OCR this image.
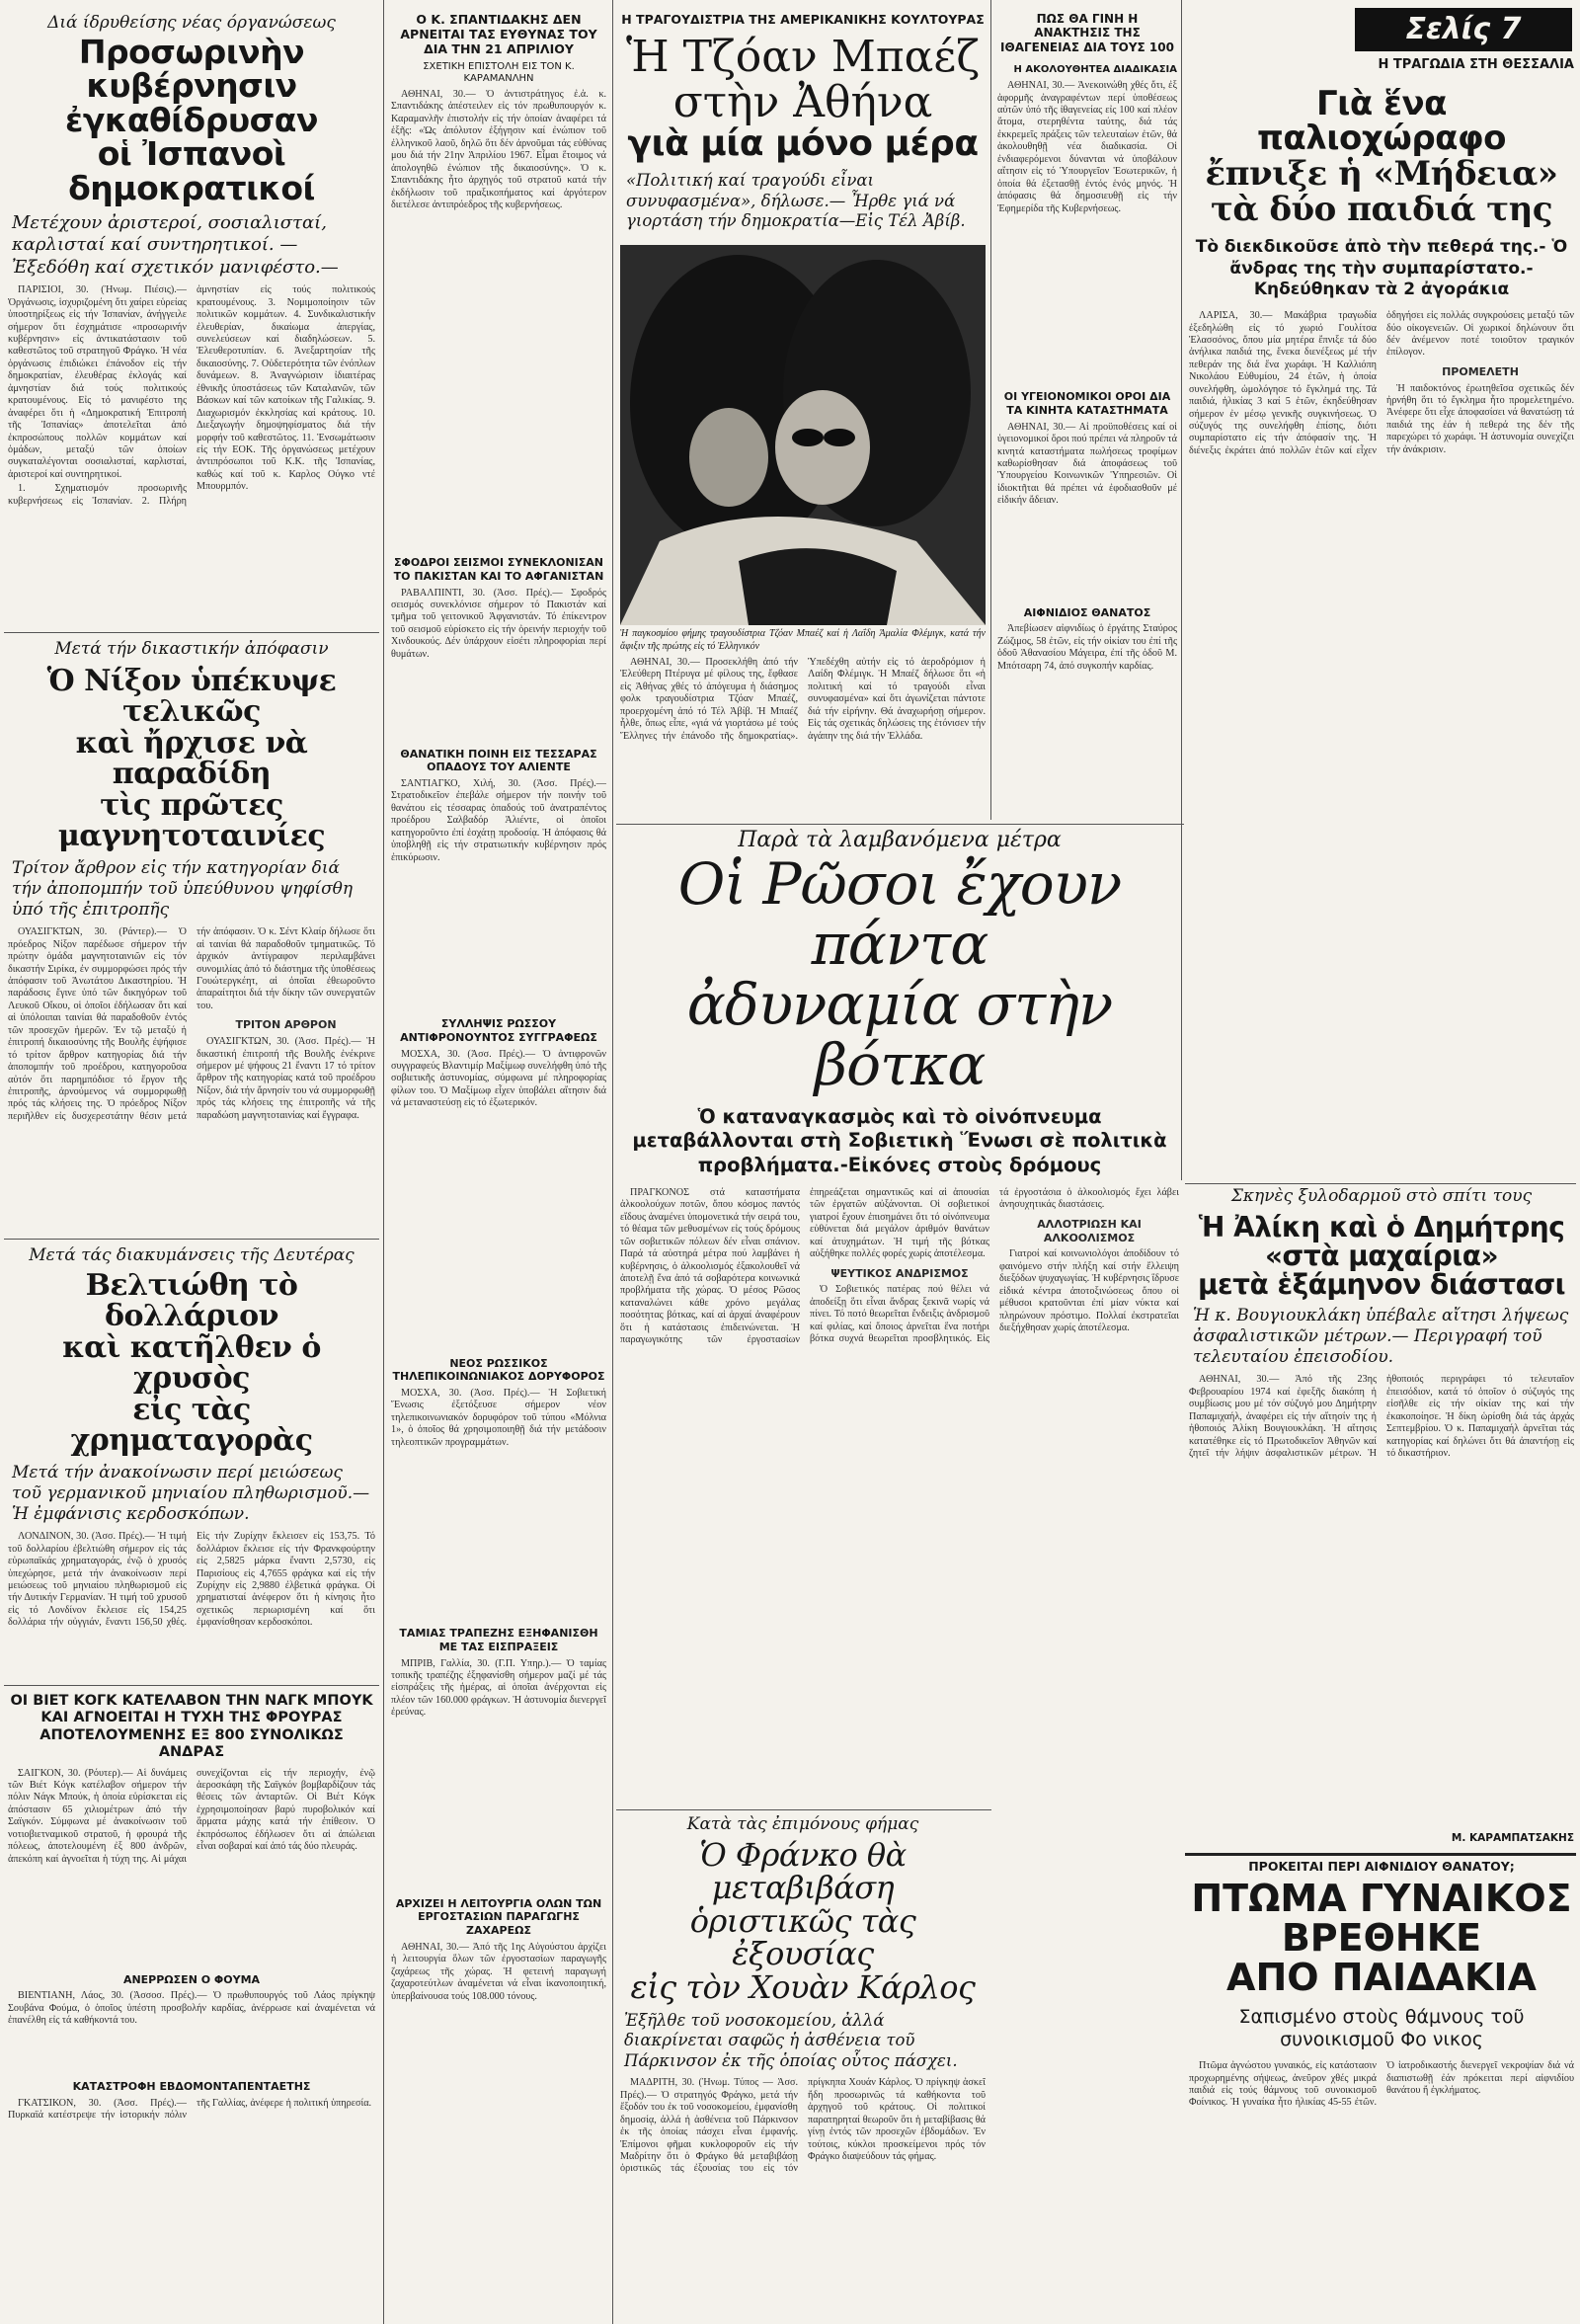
Διά ίδρυθείσης νέας όργανώσεως
Προσωρινὴν κυβέρνησιν
ἐγκαθίδρυσαν
οἱ Ἰσπανοὶ δημοκρατικοί
Μετέχουν ἀριστεροί, σοσιαλισταί, καρλισταί καί συντηρητικοί. — Ἐξεδόθη καί σχετικόν μανιφέστο.—

ΠΑΡΙΣΙΟΙ, 30. (Ἠνωμ. Πιέσις).— Ὀργάνωσις, ἱσχυριζομένη ὅτι χαίρει εὑρείας ὑποστηρίξεως εἰς τήν Ἰσπανίαν, ἀνήγγειλε σήμερον ὅτι ἐσχημάτισε «προσωρινήν κυβέρνησιν» εἰς ἀντικατάστασιν τοῦ καθεστῶτος τοῦ στρατηγοῦ Φράγκο. Ἡ νέα ὀργάνωσις ἐπιδιώκει ἐπάνοδον εἰς τήν δημοκρατίαν, ἐλευθέρας ἐκλογάς καί ἀμνηστίαν διά τούς πολιτικούς κρατουμένους. Εἰς τό μανιφέστο της ἀναφέρει ὅτι ἡ «Δημοκρατική Ἐπιτροπή τῆς Ἰσπανίας» ἀποτελεῖται ἀπό ἐκπροσώπους πολλῶν κομμάτων καί ὁμάδων, μεταξύ τῶν ὁποίων συγκαταλέγονται σοσιαλισταί, καρλισταί, ἀριστεροί καί συντηρητικοί.

1. Σχηματισμόν προσωρινῆς κυβερνήσεως εἰς Ἰσπανίαν. 2. Πλήρη ἀμνηστίαν εἰς τούς πολιτικούς κρατουμένους. 3. Νομιμοποίησιν τῶν πολιτικῶν κομμάτων. 4. Συνδικαλιστικήν ἐλευθερίαν, δικαίωμα ἀπεργίας, συνελεύσεων καί διαδηλώσεων. 5. Ἐλευθεροτυπίαν. 6. Ἀνεξαρτησίαν τῆς δικαιοσύνης. 7. Οὐδετερότητα τῶν ἐνόπλων δυνάμεων. 8. Ἀναγνώρισιν ἰδιαιτέρας ἐθνικῆς ὑποστάσεως τῶν Καταλανῶν, τῶν Βάσκων καί τῶν κατοίκων τῆς Γαλικίας. 9. Διαχωρισμόν ἐκκλησίας καί κράτους. 10. Διεξαγωγήν δημοψηφίσματος διά τήν μορφήν τοῦ καθεστῶτος. 11. Ἐνσωμάτωσιν εἰς τήν ΕΟΚ. Τῆς ὀργανώσεως μετέχουν ἀντιπρόσωποι τοῦ Κ.Κ. τῆς Ἰσπανίας, καθώς καί τοῦ κ. Καρλος Ούγκο ντέ Μπουρμπόν.

Μετά τήν δικαστικήν ἀπόφασιν
Ὁ Νίξον ὑπέκυψε τελικῶς
καὶ ἤρχισε νὰ παραδίδη
τὶς πρῶτες μαγνητοταινίες
Τρίτον ἄρθρον εἰς τήν κατηγορίαν διά τήν ἀποπομπήν τοῦ ὑπεύθυνου ψηφίσθη ὑπό τῆς ἐπιτροπῆς

ΟΥΑΣΙΓΚΤΩΝ, 30. (Ράντερ).— Ὁ πρόεδρος Νίξον παρέδωσε σήμερον τήν πρώτην ὁμάδα μαγνητοταινιῶν εἰς τόν δικαστήν Σιρίκα, ἐν συμμορφώσει πρός τήν ἀπόφασιν τοῦ Ἀνωτάτου Δικαστηρίου. Ἡ παράδοσις ἔγινε ὑπό τῶν δικηγόρων τοῦ Λευκοῦ Οἴκου, οἱ ὁποῖοι ἐδήλωσαν ὅτι καί αἱ ὑπόλοιπαι ταινίαι θά παραδοθοῦν ἐντός τῶν προσεχῶν ἡμερῶν. Ἐν τῷ μεταξύ ἡ ἐπιτροπή δικαιοσύνης τῆς Βουλῆς ἐψήφισε τό τρίτον ἄρθρον κατηγορίας διά τήν ἀποπομπήν τοῦ προέδρου, κατηγοροῦσα αὐτόν ὅτι παρημπόδισε τό ἔργον τῆς ἐπιτροπῆς, ἀρνούμενος νά συμμορφωθῇ πρός τάς κλήσεις της. Ὁ πρόεδρος Νίξον περιῆλθεν εἰς δυσχερεστάτην θέσιν μετά τήν ἀπόφασιν. Ὁ κ. Σέντ Κλαίρ δήλωσε ὅτι αἱ ταινίαι θά παραδοθοῦν τμηματικῶς. Τό ἀρχικόν ἀντίγραφον περιλαμβάνει συνομιλίας ἀπό τό διάστημα τῆς ὑποθέσεως Γουώτεργκέητ, αἱ ὁποῖαι ἐθεωροῦντο ἀπαραίτητοι διά τήν δίκην τῶν συνεργατῶν του.

ΤΡΙΤΟΝ ΑΡΘΡΟΝ

ΟΥΑΣΙΓΚΤΩΝ, 30. (Ἀσσ. Πρές).— Ἡ δικαστική ἐπιτροπή τῆς Βουλῆς ἐνέκρινε σήμερον μέ ψήφους 21 ἔναντι 17 τό τρίτον ἄρθρον τῆς κατηγορίας κατά τοῦ προέδρου Νίξον, διά τήν ἄρνησίν του νά συμμορφωθῇ πρός τάς κλήσεις της ἐπιτροπῆς νά τῆς παραδώση μαγνητοταινίας καί ἔγγραφα.

Μετά τάς διακυμάνσεις τῆς Δευτέρας
Βελτιώθη τὸ δολλάριον
καὶ κατῆλθεν ὁ χρυσὸς
εἰς τὰς χρηματαγορὰς
Μετά τήν ἀνακοίνωσιν περί μειώσεως τοῦ γερμανικοῦ μηνιαίου πληθωρισμοῦ.— Ἡ ἐμφάνισις κερδοσκόπων.

ΛΟΝΔΙΝΟΝ, 30. (Ἀσσ. Πρές).— Ἡ τιμή τοῦ δολλαρίου ἐβελτιώθη σήμερον εἰς τάς εὐρωπαϊκάς χρηματαγοράς, ἐνῷ ὁ χρυσός ὑπεχώρησε, μετά τήν ἀνακοίνωσιν περί μειώσεως τοῦ μηνιαίου πληθωρισμοῦ εἰς τήν Δυτικήν Γερμανίαν. Ἡ τιμή τοῦ χρυσοῦ εἰς τό Λονδίνον ἔκλεισε εἰς 154,25 δολλάρια τήν οὐγγιάν, ἔναντι 156,50 χθές. Εἰς τήν Ζυρίχην ἔκλεισεν εἰς 153,75. Τό δολλάριον ἔκλεισε εἰς τήν Φρανκφούρτην εἰς 2,5825 μάρκα ἔναντι 2,5730, εἰς Παρισίους εἰς 4,7655 φράγκα καί εἰς τήν Ζυρίχην εἰς 2,9880 ἐλβετικά φράγκα. Οἱ χρηματισταί ἀνέφερον ὅτι ἡ κίνησις ἦτο σχετικῶς περιωρισμένη καί ὅτι ἐμφανίσθησαν κερδοσκόποι.

ΟΙ ΒΙΕΤ ΚΟΓΚ ΚΑΤΕΛΑΒΟΝ ΤΗΝ ΝΑΓΚ ΜΠΟΥΚ
ΚΑΙ ΑΓΝΟΕΙΤΑΙ Η ΤΥΧΗ ΤΗΣ ΦΡΟΥΡΑΣ
ΑΠΟΤΕΛΟΥΜΕΝΗΣ ΕΞ 800 ΣΥΝΟΛΙΚΩΣ ΑΝΔΡΑΣ

ΣΑΙΓΚΟΝ, 30. (Ρόυτερ).— Αἱ δυνάμεις τῶν Βιέτ Κόγκ κατέλαβον σήμερον τήν πόλιν Νάγκ Μπούκ, ἡ ὁποία εὑρίσκεται εἰς ἀπόστασιν 65 χιλιομέτρων ἀπό τήν Σαϊγκόν. Σύμφωνα μέ ἀνακοίνωσιν τοῦ νοτιοβιετναμικοῦ στρατοῦ, ἡ φρουρά τῆς πόλεως, ἀποτελουμένη ἐξ 800 ἀνδρῶν, ἀπεκόπη καί ἀγνοεῖται ἡ τύχη της. Αἱ μάχαι συνεχίζονται εἰς τήν περιοχήν, ἐνῷ ἀεροσκάφη τῆς Σαϊγκόν βομβαρδίζουν τάς θέσεις τῶν ἀνταρτῶν. Οἱ Βιέτ Κόγκ ἐχρησιμοποίησαν βαρύ πυροβολικόν καί ἅρματα μάχης κατά τήν ἐπίθεσιν. Ὁ ἐκπρόσωπος ἐδήλωσεν ὅτι αἱ ἀπώλειαι εἶναι σοβαραί καί ἀπό τάς δύο πλευράς.

ΑΝΕΡΡΩΣΕΝ Ο ΦΟΥΜΑ

ΒΙΕΝΤΙΑΝΗ, Λάος, 30. (Ἀσσοσ. Πρές).— Ὁ πρωθυπουργός τοῦ Λάος πρίγκηψ Σουβάνα Φούμα, ὁ ὁποῖος ὑπέστη προσβολήν καρδίας, ἀνέρρωσε καί ἀναμένεται νά ἐπανέλθη εἰς τά καθήκοντά του.

ΚΑΤΑΣΤΡΟΦΗ ΕΒΔΟΜΟΝΤΑΠΕΝΤΑΕΤΗΣ

ΓΚΑΤΣΙΚΟΝ, 30. (Ἀσσ. Πρές).— Πυρκαϊά κατέστρεψε τήν ἱστορικήν πόλιν τῆς Γαλλίας, ἀνέφερε ἡ πολιτική ὑπηρεσία.

Ο Κ. ΣΠΑΝΤΙΔΑΚΗΣ ΔΕΝ ΑΡΝΕΙΤΑΙ ΤΑΣ ΕΥΘΥΝΑΣ ΤΟΥ ΔΙΑ ΤΗΝ 21 ΑΠΡΙΛΙΟΥ
ΣΧΕΤΙΚΗ ΕΠΙΣΤΟΛΗ ΕΙΣ ΤΟΝ Κ. ΚΑΡΑΜΑΝΛΗΝ

ΑΘΗΝΑΙ, 30.— Ὁ ἀντιστράτηγος ἐ.ἀ. κ. Σπαντιδάκης ἀπέστειλεν εἰς τόν πρωθυπουργόν κ. Καραμανλῆν ἐπιστολήν εἰς τήν ὁποίαν ἀναφέρει τά ἑξῆς: «Ὡς ἀπόλυτον ἐξήγησιν καί ἐνώπιον τοῦ ἐλληνικοῦ λαοῦ, δηλῶ ὅτι δέν ἀρνοῦμαι τάς εὐθύνας μου διά τήν 21ην Ἀπριλίου 1967. Εἶμαι ἕτοιμος νά ἀπολογηθῶ ἐνώπιον τῆς δικαιοσύνης». Ὁ κ. Σπαντιδάκης ἦτο ἀρχηγός τοῦ στρατοῦ κατά τήν ἐκδήλωσιν τοῦ πραξικοπήματος καί ἀργότερον διετέλεσε ἀντιπρόεδρος τῆς κυβερνήσεως.

ΣΦΟΔΡΟΙ ΣΕΙΣΜΟΙ ΣΥΝΕΚΛΟΝΙΣΑΝ ΤΟ ΠΑΚΙΣΤΑΝ ΚΑΙ ΤΟ ΑΦΓΑΝΙΣΤΑΝ

ΡΑΒΑΛΠΙΝΤΙ, 30. (Ἀσσ. Πρές).— Σφοδρός σεισμός συνεκλόνισε σήμερον τό Πακιστάν καί τμῆμα τοῦ γειτονικοῦ Ἀφγανιστάν. Τό ἐπίκεντρον τοῦ σεισμοῦ εὑρίσκετο εἰς τήν ὀρεινήν περιοχήν τοῦ Χινδουκούς. Δέν ὑπάρχουν εἰσέτι πληροφορίαι περί θυμάτων.

ΘΑΝΑΤΙΚΗ ΠΟΙΝΗ ΕΙΣ ΤΕΣΣΑΡΑΣ ΟΠΑΔΟΥΣ ΤΟΥ ΑΛΙΕΝΤΕ

ΣΑΝΤΙΑΓΚΟ, Χιλή, 30. (Ἀσσ. Πρές).— Στρατοδικεῖον ἐπεβάλε σήμερον τήν ποινήν τοῦ θανάτου εἰς τέσσαρας ὀπαδούς τοῦ ἀνατραπέντος προέδρου Σαλβαδόρ Ἀλιέντε, οἱ ὁποῖοι κατηγοροῦντο ἐπί ἐσχάτῃ προδοσίᾳ. Ἡ ἀπόφασις θά ὑποβληθῇ εἰς τήν στρατιωτικήν κυβέρνησιν πρός ἐπικύρωσιν.

ΣΥΛΛΗΨΙΣ ΡΩΣΣΟΥ ΑΝΤΙΦΡΟΝΟΥΝΤΟΣ ΣΥΓΓΡΑΦΕΩΣ

ΜΟΣΧΑ, 30. (Ἀσσ. Πρές).— Ὁ ἀντιφρονῶν συγγραφεύς Βλαντιμίρ Μαξίμωφ συνελήφθη ὑπό τῆς σοβιετικῆς ἀστυνομίας, σύμφωνα μέ πληροφορίας φίλων του. Ὁ Μαξίμωφ εἶχεν ὑποβάλει αἴτησιν διά νά μεταναστεύσῃ εἰς τό ἐξωτερικόν.

ΝΕΟΣ ΡΩΣΣΙΚΟΣ ΤΗΛΕΠΙΚΟΙΝΩΝΙΑΚΟΣ ΔΟΡΥΦΟΡΟΣ

ΜΟΣΧΑ, 30. (Ἀσσ. Πρές).— Ἡ Σοβιετική Ἕνωσις ἐξετόξευσε σήμερον νέον τηλεπικοινωνιακόν δορυφόρον τοῦ τύπου «Μόλνια 1», ὁ ὁποῖος θά χρησιμοποιηθῇ διά τήν μετάδοσιν τηλεοπτικῶν προγραμμάτων.

ΤΑΜΙΑΣ ΤΡΑΠΕΖΗΣ ΕΞΗΦΑΝΙΣΘΗ ΜΕ ΤΑΣ ΕΙΣΠΡΑΞΕΙΣ

ΜΠΡΙΒ, Γαλλία, 30. (Γ.Π. Υπηρ.).— Ὁ ταμίας τοπικῆς τραπέζης ἐξηφανίσθη σήμερον μαζί μέ τάς εἰσπράξεις τῆς ἡμέρας, αἱ ὁποῖαι ἀνέρχονται εἰς πλέον τῶν 160.000 φράγκων. Ἡ ἀστυνομία διενεργεῖ ἐρεύνας.

ΑΡΧΙΖΕΙ Η ΛΕΙΤΟΥΡΓΙΑ ΟΛΩΝ ΤΩΝ ΕΡΓΟΣΤΑΣΙΩΝ ΠΑΡΑΓΩΓΗΣ ΖΑΧΑΡΕΩΣ

ΑΘΗΝΑΙ, 30.— Ἀπό τῆς 1ης Αὐγούστου ἀρχίζει ἡ λειτουργία ὅλων τῶν ἐργοστασίων παραγωγῆς ζαχάρεως τῆς χώρας. Ἡ φετεινή παραγωγή ζαχαροτεύτλων ἀναμένεται νά εἶναι ἱκανοποιητική, ὑπερβαίνουσα τούς 108.000 τόνους.

Η ΤΡΑΓΟΥΔΙΣΤΡΙΑ ΤΗΣ ΑΜΕΡΙΚΑΝΙΚΗΣ ΚΟΥΛΤΟΥΡΑΣ
Ἡ Τζόαν Μπαέζ
στὴν Ἀθήνα
γιὰ μία μόνο μέρα
«Πολιτική καί τραγούδι εἶναι συνυφασμένα», δήλωσε.— Ἦρθε γιά νά γιορτάση τήν δημοκρατία—Εἰς Τέλ Ἀβίβ.
Ἡ παγκοσμίου φήμης τραγουδίστρια Τζόαν Μπαέζ καί ἡ Λαΐδη Ἀμαλία Φλέμιγκ, κατά τήν ἄφιξιν τῆς πρώτης εἰς τό Ἑλληνικόν

ΑΘΗΝΑΙ, 30.— Προσεκλήθη ἀπό τήν Ἐλεύθερη Πτέρυγα μέ φίλους της, ἔφθασε εἰς Ἀθήνας χθές τό ἀπόγευμα ἡ διάσημος φολκ τραγουδίστρια Τζόαν Μπαέζ, προερχομένη ἀπό τό Τέλ Ἀβίβ. Ἡ Μπαέζ ἦλθε, ὅπως εἶπε, «γιά νά γιορτάσω μέ τούς Ἕλληνες τήν ἐπάνοδο τῆς δημοκρατίας». Ὑπεδέχθη αὐτήν εἰς τό ἀεροδρόμιον ἡ Λαίδη Φλέμιγκ. Ἡ Μπαέζ δήλωσε ὅτι «ἡ πολιτική καί τό τραγούδι εἶναι συνυφασμένα» καί ὅτι ἀγωνίζεται πάντοτε διά τήν εἰρήνην. Θά ἀναχωρήσῃ σήμερον. Εἰς τάς σχετικάς δηλώσεις της ἐτόνισεν τήν ἀγάπην της διά τήν Ἑλλάδα.

Παρὰ τὰ λαμβανόμενα μέτρα
Οἱ Ρῶσοι ἔχουν πάντα
ἀδυναμία στὴν βότκα
Ὁ καταναγκασμὸς καὶ τὸ οἰνόπνευμα μεταβάλλονται στὴ Σοβιετικὴ Ἕνωσι σὲ πολιτικὰ προβλήματα.-Εἰκόνες στοὺς δρόμους

ΠΡΑΓΚΟΝΟΣ στά καταστήματα ἀλκοολούχων ποτῶν, ὅπου κόσμος παντός εἴδους ἀναμένει ὑπομονετικά τήν σειρά του, τό θέαμα τῶν μεθυσμένων εἰς τούς δρόμους τῶν σοβιετικῶν πόλεων δέν εἶναι σπάνιον. Παρά τά αὐστηρά μέτρα πού λαμβάνει ἡ κυβέρνησις, ὁ ἀλκοολισμός ἐξακολουθεῖ νά ἀποτελῇ ἕνα ἀπό τά σοβαρότερα κοινωνικά προβλήματα τῆς χώρας. Ὁ μέσος Ρῶσος καταναλώνει κάθε χρόνο μεγάλας ποσότητας βότκας, καί αἱ ἀρχαί ἀναφέρουν ὅτι ἡ κατάστασις ἐπιδεινώνεται. Ἡ παραγωγικότης τῶν ἐργοστασίων ἐπηρεάζεται σημαντικῶς καί αἱ ἀπουσίαι τῶν ἐργατῶν αὐξάνονται. Οἱ σοβιετικοί γιατροί ἔχουν ἐπισημάνει ὅτι τό οἰνόπνευμα εὐθύνεται διά μεγάλον ἀριθμόν θανάτων καί ἀτυχημάτων. Ἡ τιμή τῆς βότκας αὐξήθηκε πολλές φορές χωρίς ἀποτέλεσμα.

ΨΕΥΤΙΚΟΣ ΑΝΔΡΙΣΜΟΣ

Ὁ Σοβιετικός πατέρας πού θέλει νά ἀποδείξῃ ὅτι εἶναι ἄνδρας ξεκινᾶ νωρίς νά πίνει. Τό ποτό θεωρεῖται ἔνδειξις ἀνδρισμοῦ καί φιλίας, καί ὅποιος ἀρνεῖται ἕνα ποτήρι βότκα συχνά θεωρεῖται προσβλητικός. Εἰς τά ἐργοστάσια ὁ ἀλκοολισμός ἔχει λάβει ἀνησυχητικάς διαστάσεις.

ΑΛΛΟΤΡΙΩΣΗ ΚΑΙ ΑΛΚΟΟΛΙΣΜΟΣ

Γιατροί καί κοινωνιολόγοι ἀποδίδουν τό φαινόμενο στήν πλήξη καί στήν ἔλλειψη διεξόδων ψυχαγωγίας. Ἡ κυβέρνησις ἵδρυσε εἰδικά κέντρα ἀποτοξινώσεως ὅπου οἱ μέθυσοι κρατοῦνται ἐπί μίαν νύκτα καί πληρώνουν πρόστιμο. Πολλαί ἐκστρατεῖαι διεξήχθησαν χωρίς ἀποτέλεσμα.

Κατὰ τὰς ἐπιμόνους φήμας
Ὁ Φράνκο θὰ μεταβιβάση
ὁριστικῶς τὰς ἐξουσίας
εἰς τὸν Χουὰν Κάρλος
Ἐξῆλθε τοῦ νοσοκομείου, ἀλλά διακρίνεται σαφῶς ἡ ἀσθένεια τοῦ Πάρκινσον ἐκ τῆς ὁποίας οὗτος πάσχει.

ΜΑΔΡΙΤΗ, 30. (Ἠνωμ. Τύπος — Ἀσσ. Πρές).— Ὁ στρατηγός Φράγκο, μετά τήν ἔξοδόν του ἐκ τοῦ νοσοκομείου, ἐμφανίσθη δημοσίᾳ, ἀλλά ἡ ἀσθένεια τοῦ Πάρκινσον ἐκ τῆς ὁποίας πάσχει εἶναι ἐμφανής. Ἐπίμονοι φῆμαι κυκλοφοροῦν εἰς τήν Μαδρίτην ὅτι ὁ Φράγκο θά μεταβιβάσῃ ὁριστικῶς τάς ἐξουσίας του εἰς τόν πρίγκηπα Χουάν Κάρλος. Ὁ πρίγκηψ ἀσκεῖ ἤδη προσωρινῶς τά καθήκοντα τοῦ ἀρχηγοῦ τοῦ κράτους. Οἱ πολιτικοί παρατηρηταί θεωροῦν ὅτι ἡ μεταβίβασις θά γίνῃ ἐντός τῶν προσεχῶν ἑβδομάδων. Ἐν τούτοις, κύκλοι προσκείμενοι πρός τόν Φράγκο διαψεύδουν τάς φήμας.

ΠΩΣ ΘΑ ΓΙΝΗ Η ΑΝΑΚΤΗΣΙΣ ΤΗΣ ΙΘΑΓΕΝΕΙΑΣ ΔΙΑ ΤΟΥΣ 100
Η ΑΚΟΛΟΥΘΗΤΕΑ ΔΙΑΔΙΚΑΣΙΑ

ΑΘΗΝΑΙ, 30.— Ἀνεκοινώθη χθές ὅτι, ἐξ ἀφορμῆς ἀναγραφέντων περί ὑποθέσεως αὐτῶν ὑπό τῆς ἰθαγενείας εἰς 100 καί πλέον ἄτομα, στερηθέντα ταύτης, διά τάς ἐκκρεμεῖς πράξεις τῶν τελευταίων ἐτῶν, θά ἀκολουθηθῇ νέα διαδικασία. Οἱ ἐνδιαφερόμενοι δύνανται νά ὑποβάλουν αἴτησιν εἰς τό Ὑπουργεῖον Ἐσωτερικῶν, ἡ ὁποία θά ἐξετασθῇ ἐντός ἑνός μηνός. Ἡ ἀπόφασις θά δημοσιευθῇ εἰς τήν Ἐφημερίδα τῆς Κυβερνήσεως.

ΟΙ ΥΓΕΙΟΝΟΜΙΚΟΙ ΟΡΟΙ ΔΙΑ ΤΑ ΚΙΝΗΤΑ ΚΑΤΑΣΤΗΜΑΤΑ

ΑΘΗΝΑΙ, 30.— Αἱ προϋποθέσεις καί οἱ ὑγειονομικοί ὅροι πού πρέπει νά πληροῦν τά κινητά καταστήματα πωλήσεως τροφίμων καθωρίσθησαν διά ἀποφάσεως τοῦ Ὑπουργείου Κοινωνικῶν Ὑπηρεσιῶν. Οἱ ἰδιοκτῆται θά πρέπει νά ἐφοδιασθοῦν μέ εἰδικήν ἄδειαν.

ΑΙΦΝΙΔΙΟΣ ΘΑΝΑΤΟΣ

Ἀπεβίωσεν αἰφνιδίως ὁ ἐργάτης Σταύρος Ζώζιμος, 58 ἐτῶν, εἰς τήν οἰκίαν του ἐπί τῆς ὁδοῦ Ἀθανασίου Μάγειρα, ἐπί τῆς ὁδοῦ Μ. Μπότσαρη 74, ἀπό συγκοπήν καρδίας.

Σελίς 7
Η ΤΡΑΓΩΔΙΑ ΣΤΗ ΘΕΣΣΑΛΙΑ
Γιὰ ἕνα παλιοχώραφο
ἔπνιξε ἡ «Μήδεια»
τὰ δύο παιδιά της
Τὸ διεκδικοῦσε ἀπὸ τὴν πεθερά της.- Ὁ ἄνδρας της τὴν συμπαρίστατο.- Κηδεύθηκαν τὰ 2 ἀγοράκια

ΛΑΡΙΣΑ, 30.— Μακάβρια τραγωδία ἐξεδηλώθη εἰς τό χωριό Γουλίτσα Ἐλασσόνος, ὅπου μία μητέρα ἔπνιξε τά δύο ἀνήλικα παιδιά της, ἕνεκα διενέξεως μέ τήν πεθεράν της διά ἕνα χωράφι. Ἡ Καλλιόπη Νικολάου Εὐθυμίου, 24 ἐτῶν, ἡ ὁποία συνελήφθη, ὡμολόγησε τό ἔγκλημά της. Τά παιδιά, ἡλικίας 3 καί 5 ἐτῶν, ἐκηδεύθησαν σήμερον ἐν μέσῳ γενικῆς συγκινήσεως. Ὁ σύζυγός της συνελήφθη ἐπίσης, διότι συμπαρίστατο εἰς τήν ἀπόφασίν της. Ἡ διένεξις ἐκράτει ἀπό πολλῶν ἐτῶν καί εἶχεν ὀδηγήσει εἰς πολλάς συγκρούσεις μεταξύ τῶν δύο οἰκογενειῶν. Οἱ χωρικοί δηλώνουν ὅτι δέν ἀνέμενον ποτέ τοιοῦτον τραγικόν ἐπίλογον.

ΠΡΟΜΕΛΕΤΗ

Ἡ παιδοκτόνος ἐρωτηθεῖσα σχετικῶς δέν ἠρνήθη ὅτι τό ἔγκλημα ἦτο προμελετημένο. Ἀνέφερε ὅτι εἶχε ἀποφασίσει νά θανατώσῃ τά παιδιά της ἐάν ἡ πεθερά της δέν τῆς παρεχώρει τό χωράφι. Ἡ ἀστυνομία συνεχίζει τήν ἀνάκρισιν.

Σκηνὲς ξυλοδαρμοῦ στὸ σπίτι τους
Ἡ Ἀλίκη καὶ ὁ Δημήτρης
«στὰ μαχαίρια»
μετὰ ἑξάμηνον διάστασι
Ἡ κ. Βουγιουκλάκη ὑπέβαλε αἴτησι λήψεως ἀσφαλιστικῶν μέτρων.— Περιγραφή τοῦ τελευταίου ἐπεισοδίου.

ΑΘΗΝΑΙ, 30.— Ἀπό τῆς 23ης Φεβρουαρίου 1974 καί ἐφεξῆς διακόπη ἡ συμβίωσις μου μέ τόν σύζυγό μου Δημήτρην Παπαμιχαήλ, ἀναφέρει εἰς τήν αἴτησίν της ἡ ἠθοποιός Ἀλίκη Βουγιουκλάκη. Ἡ αἴτησις κατατέθηκε εἰς τό Πρωτοδικεῖον Ἀθηνῶν καί ζητεῖ τήν λήψιν ἀσφαλιστικῶν μέτρων. Ἡ ἠθοποιός περιγράφει τό τελευταῖον ἐπεισόδιον, κατά τό ὁποῖον ὁ σύζυγός της εἰσῆλθε εἰς τήν οἰκίαν της καί τήν ἐκακοποίησε. Ἡ δίκη ὡρίσθη διά τάς ἀρχάς Σεπτεμβρίου. Ὁ κ. Παπαμιχαήλ ἀρνεῖται τάς κατηγορίας καί δηλώνει ὅτι θά ἀπαντήσῃ εἰς τό δικαστήριον.

Μ. ΚΑΡΑΜΠΑΤΣΑΚΗΣ
ΠΡΟΚΕΙΤΑΙ ΠΕΡΙ ΑΙΦΝΙΔΙΟΥ ΘΑΝΑΤΟΥ;
ΠΤΩΜΑ ΓΥΝΑΙΚΟΣ
ΒΡΕΘΗΚΕ
ΑΠΟ ΠΑΙΔΑΚΙΑ
Σαπισμένο στοὺς θάμνους τοῦ συνοικισμοῦ Φο νικος

Πτῶμα ἀγνώστου γυναικός, εἰς κατάστασιν προχωρημένης σήψεως, ἀνεῦρον χθές μικρά παιδιά εἰς τούς θάμνους τοῦ συνοικισμοῦ Φοίνικος. Ἡ γυναίκα ἦτο ἡλικίας 45-55 ἐτῶν. Ὁ ἰατροδικαστής διενεργεῖ νεκροψίαν διά νά διαπιστωθῇ ἐάν πρόκειται περί αἰφνιδίου θανάτου ἤ ἐγκλήματος.
